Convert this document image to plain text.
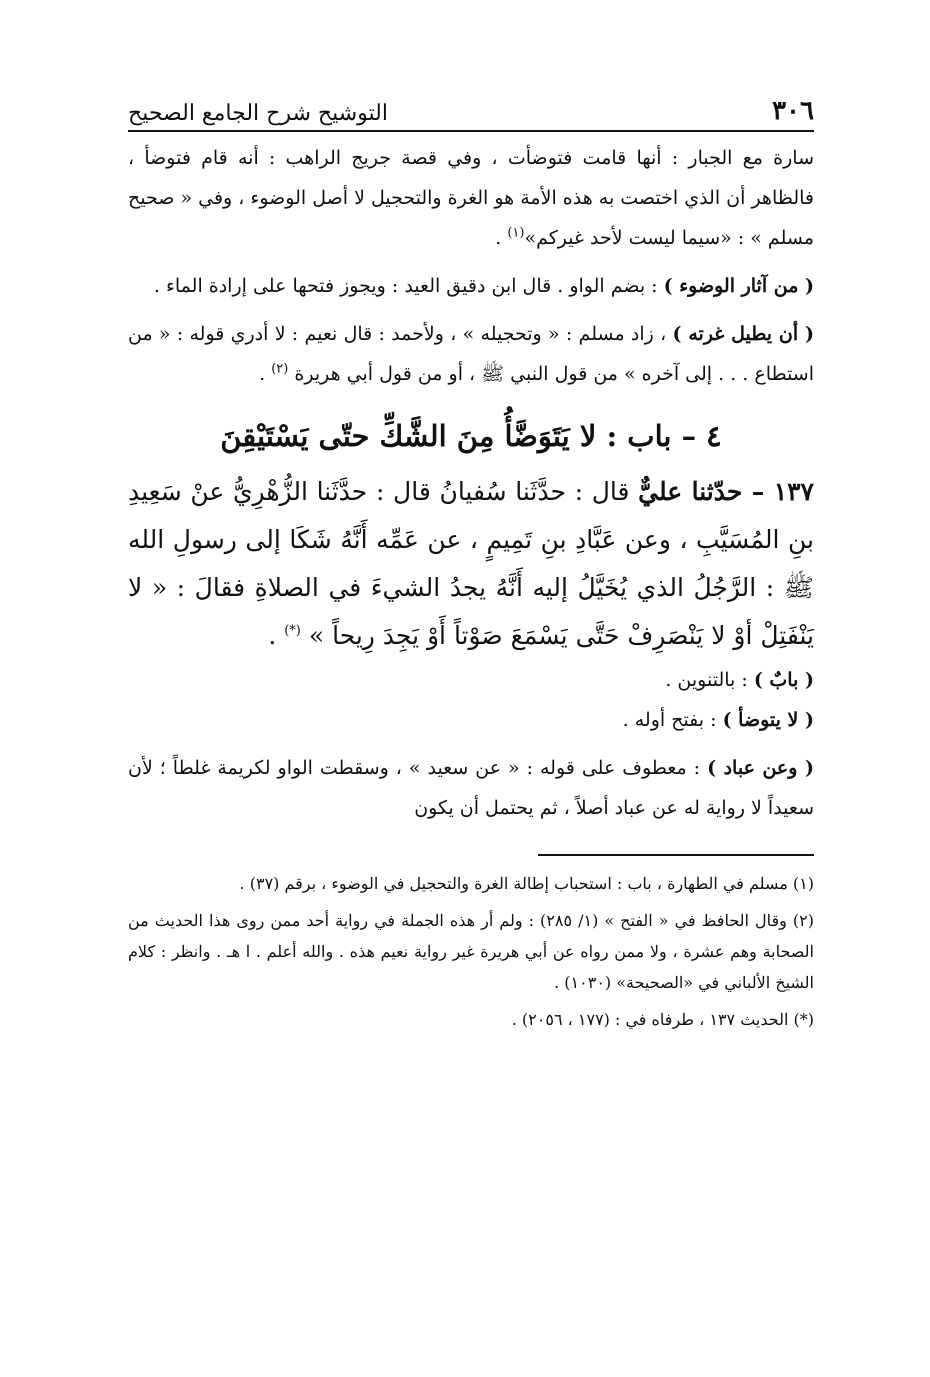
٣٠٦
التوشيح شرح الجامع الصحيح

سارة مع الجبار : أنها قامت فتوضأت ، وفي قصة جريج الراهب : أنه قام فتوضأ ، فالظاهر أن الذي اختصت به هذه الأمة هو الغرة والتحجيل لا أصل الوضوء ، وفي « صحيح مسلم » : «سيما ليست لأحد غيركم»$^{(١)}$ .

( من آثار الوضوء ) : بضم الواو . قال ابن دقيق العيد : ويجوز فتحها على إرادة الماء .

( أن يطيل غرته ) ، زاد مسلم : « وتحجيله » ، ولأحمد : قال نعيم : لا أدري قوله : « من استطاع . . . إلى آخره » من قول النبي ﷺ ، أو من قول أبي هريرة $^{(٢)}$ .

٤ – باب : لا يَتَوَضَّأُ مِنَ الشَّكِّ حتّى يَسْتَيْقِنَ

١٣٧ – حدّثنا عليٌّ قال : حدَّثَنا سُفيانُ قال : حدَّثَنا الزُّهْرِيُّ عنْ سَعِيدِ بنِ المُسَيَّبِ ، وعن عَبَّادِ بنِ تَمِيمٍ ، عن عَمِّه أَنَّهُ شَكَا إلى رسولِ الله ﷺ : الرَّجُلُ الذي يُخَيَّلُ إليه أَنَّهُ يجدُ الشيءَ في الصلاةِ فقالَ : « لا يَنْفَتِلْ أوْ لا يَنْصَرِفْ حَتَّى يَسْمَعَ صَوْتاً أَوْ يَجِدَ رِيحاً » (*) .

( بابٌ ) : بالتنوين .

( لا يتوضأ ) : بفتح أوله .

( وعن عباد ) : معطوف على قوله : « عن سعيد » ، وسقطت الواو لكريمة غلطاً ؛ لأن سعيداً لا رواية له عن عباد أصلاً ، ثم يحتمل أن يكون

(١) مسلم في الطهارة ، باب : استحباب إطالة الغرة والتحجيل في الوضوء ، برقم (٣٧) .

(٢) وقال الحافظ في « الفتح » (١/ ٢٨٥) : ولم أر هذه الجملة في رواية أحد ممن روى هذا الحديث من الصحابة وهم عشرة ، ولا ممن رواه عن أبي هريرة غير رواية نعيم هذه . والله أعلم . ا هـ . وانظر : كلام الشيخ الألباني في «الصحيحة» (١٠٣٠) .

(*) الحديث ١٣٧ ، طرفاه في : (١٧٧ ، ٢٠٥٦) .
